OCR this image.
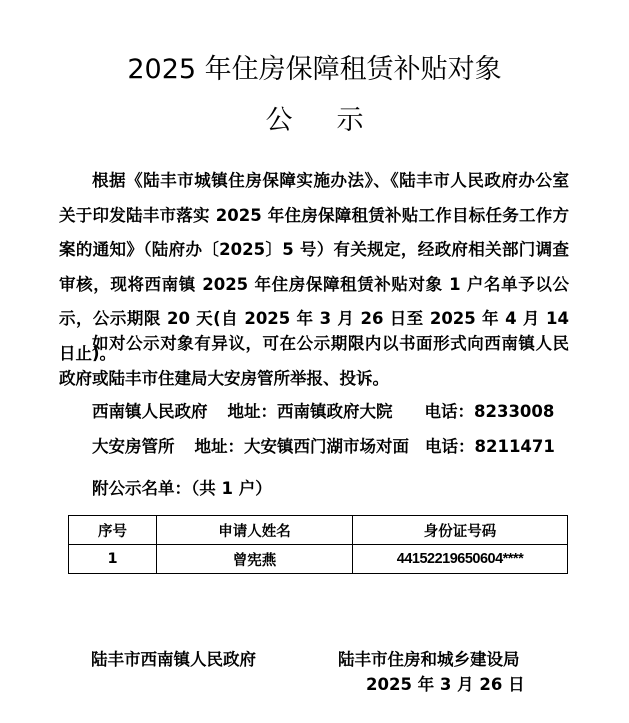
2025 年住房保障租赁补贴对象
公 示
根据《陆丰市城镇住房保障实施办法》、《陆丰市人民政府办公室关于印发陆丰市落实 2025 年住房保障租赁补贴工作目标任务工作方案的通知》（陆府办〔2025〕5 号）有关规定，经政府相关部门调查审核，现将西南镇 2025 年住房保障租赁补贴对象 1 户名单予以公示，公示期限 20 天(自 2025 年 3 月 26 日至 2025 年 4 月 14 日止)。
如对公示对象有异议，可在公示期限内以书面形式向西南镇人民政府或陆丰市住建局大安房管所举报、投诉。
西南镇人民政府 地址：西南镇政府大院 电话：8233008
大安房管所 地址：大安镇西门湖市场对面 电话：8211471
附公示名单：（共 1 户）
序号	申请人姓名	身份证号码
1	曾宪燕	44152219650604****
陆丰市西南镇人民政府	陆丰市住房和城乡建设局
2025 年 3 月 26 日
